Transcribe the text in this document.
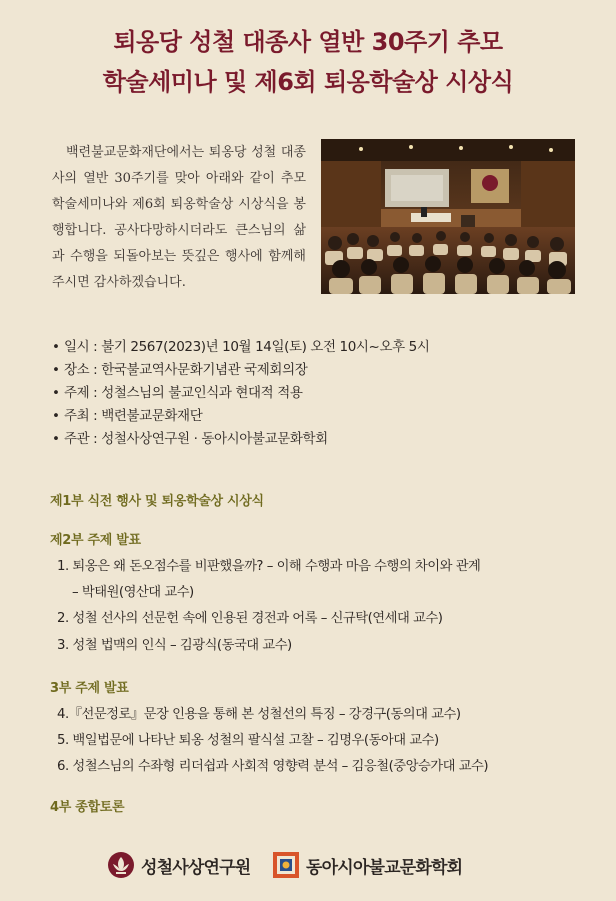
퇴옹당 성철 대종사 열반 30주기 추모
학술세미나 및 제6회 퇴옹학술상 시상식
백련불교문화재단에서는 퇴옹당 성철 대종사의 열반 30주기를 맞아 아래와 같이 추모 학술세미나와 제6회 퇴옹학술상 시상식을 봉행합니다. 공사다망하시더라도 큰스님의 삶과 수행을 되돌아보는 뜻깊은 행사에 함께해 주시면 감사하겠습니다.
• 일시 : 불기 2567(2023)년 10월 14일(토) 오전 10시~오후 5시
• 장소 : 한국불교역사문화기념관 국제회의장
• 주제 : 성철스님의 불교인식과 현대적 적용
• 주최 : 백련불교문화재단
• 주관 : 성철사상연구원 · 동아시아불교문화학회
제1부 식전 행사 및 퇴옹학술상 시상식
제2부 주제 발표
1. 퇴옹은 왜 돈오점수를 비판했을까? – 이해 수행과 마음 수행의 차이와 관계
– 박태원(영산대 교수)
2. 성철 선사의 선문헌 속에 인용된 경전과 어록 – 신규탁(연세대 교수)
3. 성철 법맥의 인식 – 김광식(동국대 교수)
3부 주제 발표
4.『선문정로』문장 인용을 통해 본 성철선의 특징 – 강경구(동의대 교수)
5. 백일법문에 나타난 퇴옹 성철의 팔식설 고찰 – 김명우(동아대 교수)
6. 성철스님의 수좌형 리더쉽과 사회적 영향력 분석 – 김응철(중앙승가대 교수)
4부 종합토론
성철사상연구원	동아시아불교문화학회
